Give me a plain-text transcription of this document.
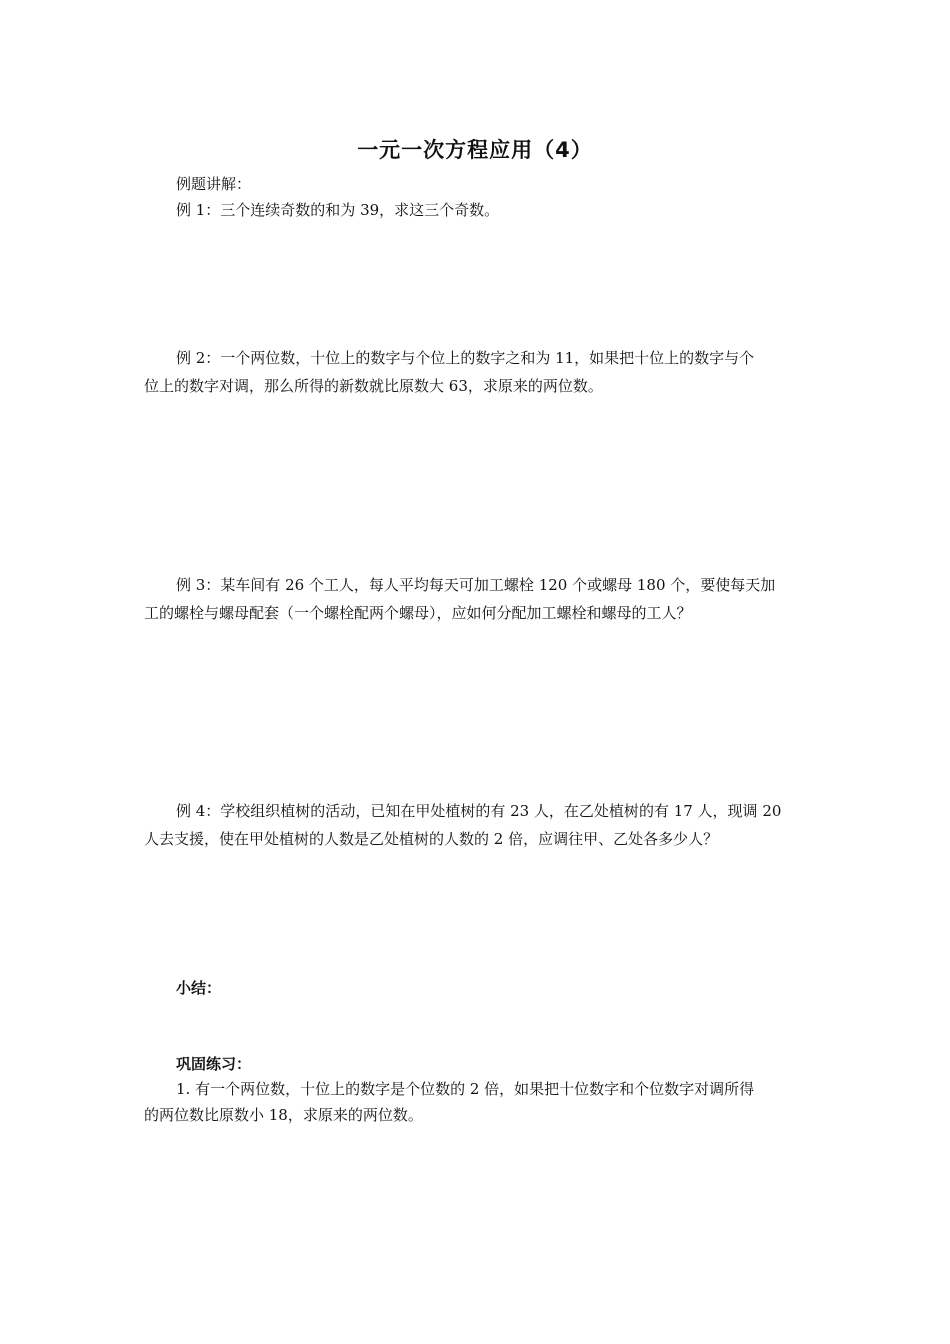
一元一次方程应用（4）
例题讲解：
例 1：三个连续奇数的和为 39，求这三个奇数。
例 2：一个两位数，十位上的数字与个位上的数字之和为 11，如果把十位上的数字与个
位上的数字对调，那么所得的新数就比原数大 63，求原来的两位数。
例 3：某车间有 26 个工人，每人平均每天可加工螺栓 120 个或螺母 180 个，要使每天加
工的螺栓与螺母配套（一个螺栓配两个螺母），应如何分配加工螺栓和螺母的工人？
例 4：学校组织植树的活动，已知在甲处植树的有 23 人，在乙处植树的有 17 人，现调 20
人去支援，使在甲处植树的人数是乙处植树的人数的 2 倍，应调往甲、乙处各多少人？
小结：
巩固练习：
1. 有一个两位数，十位上的数字是个位数的 2 倍，如果把十位数字和个位数字对调所得
的两位数比原数小 18，求原来的两位数。
